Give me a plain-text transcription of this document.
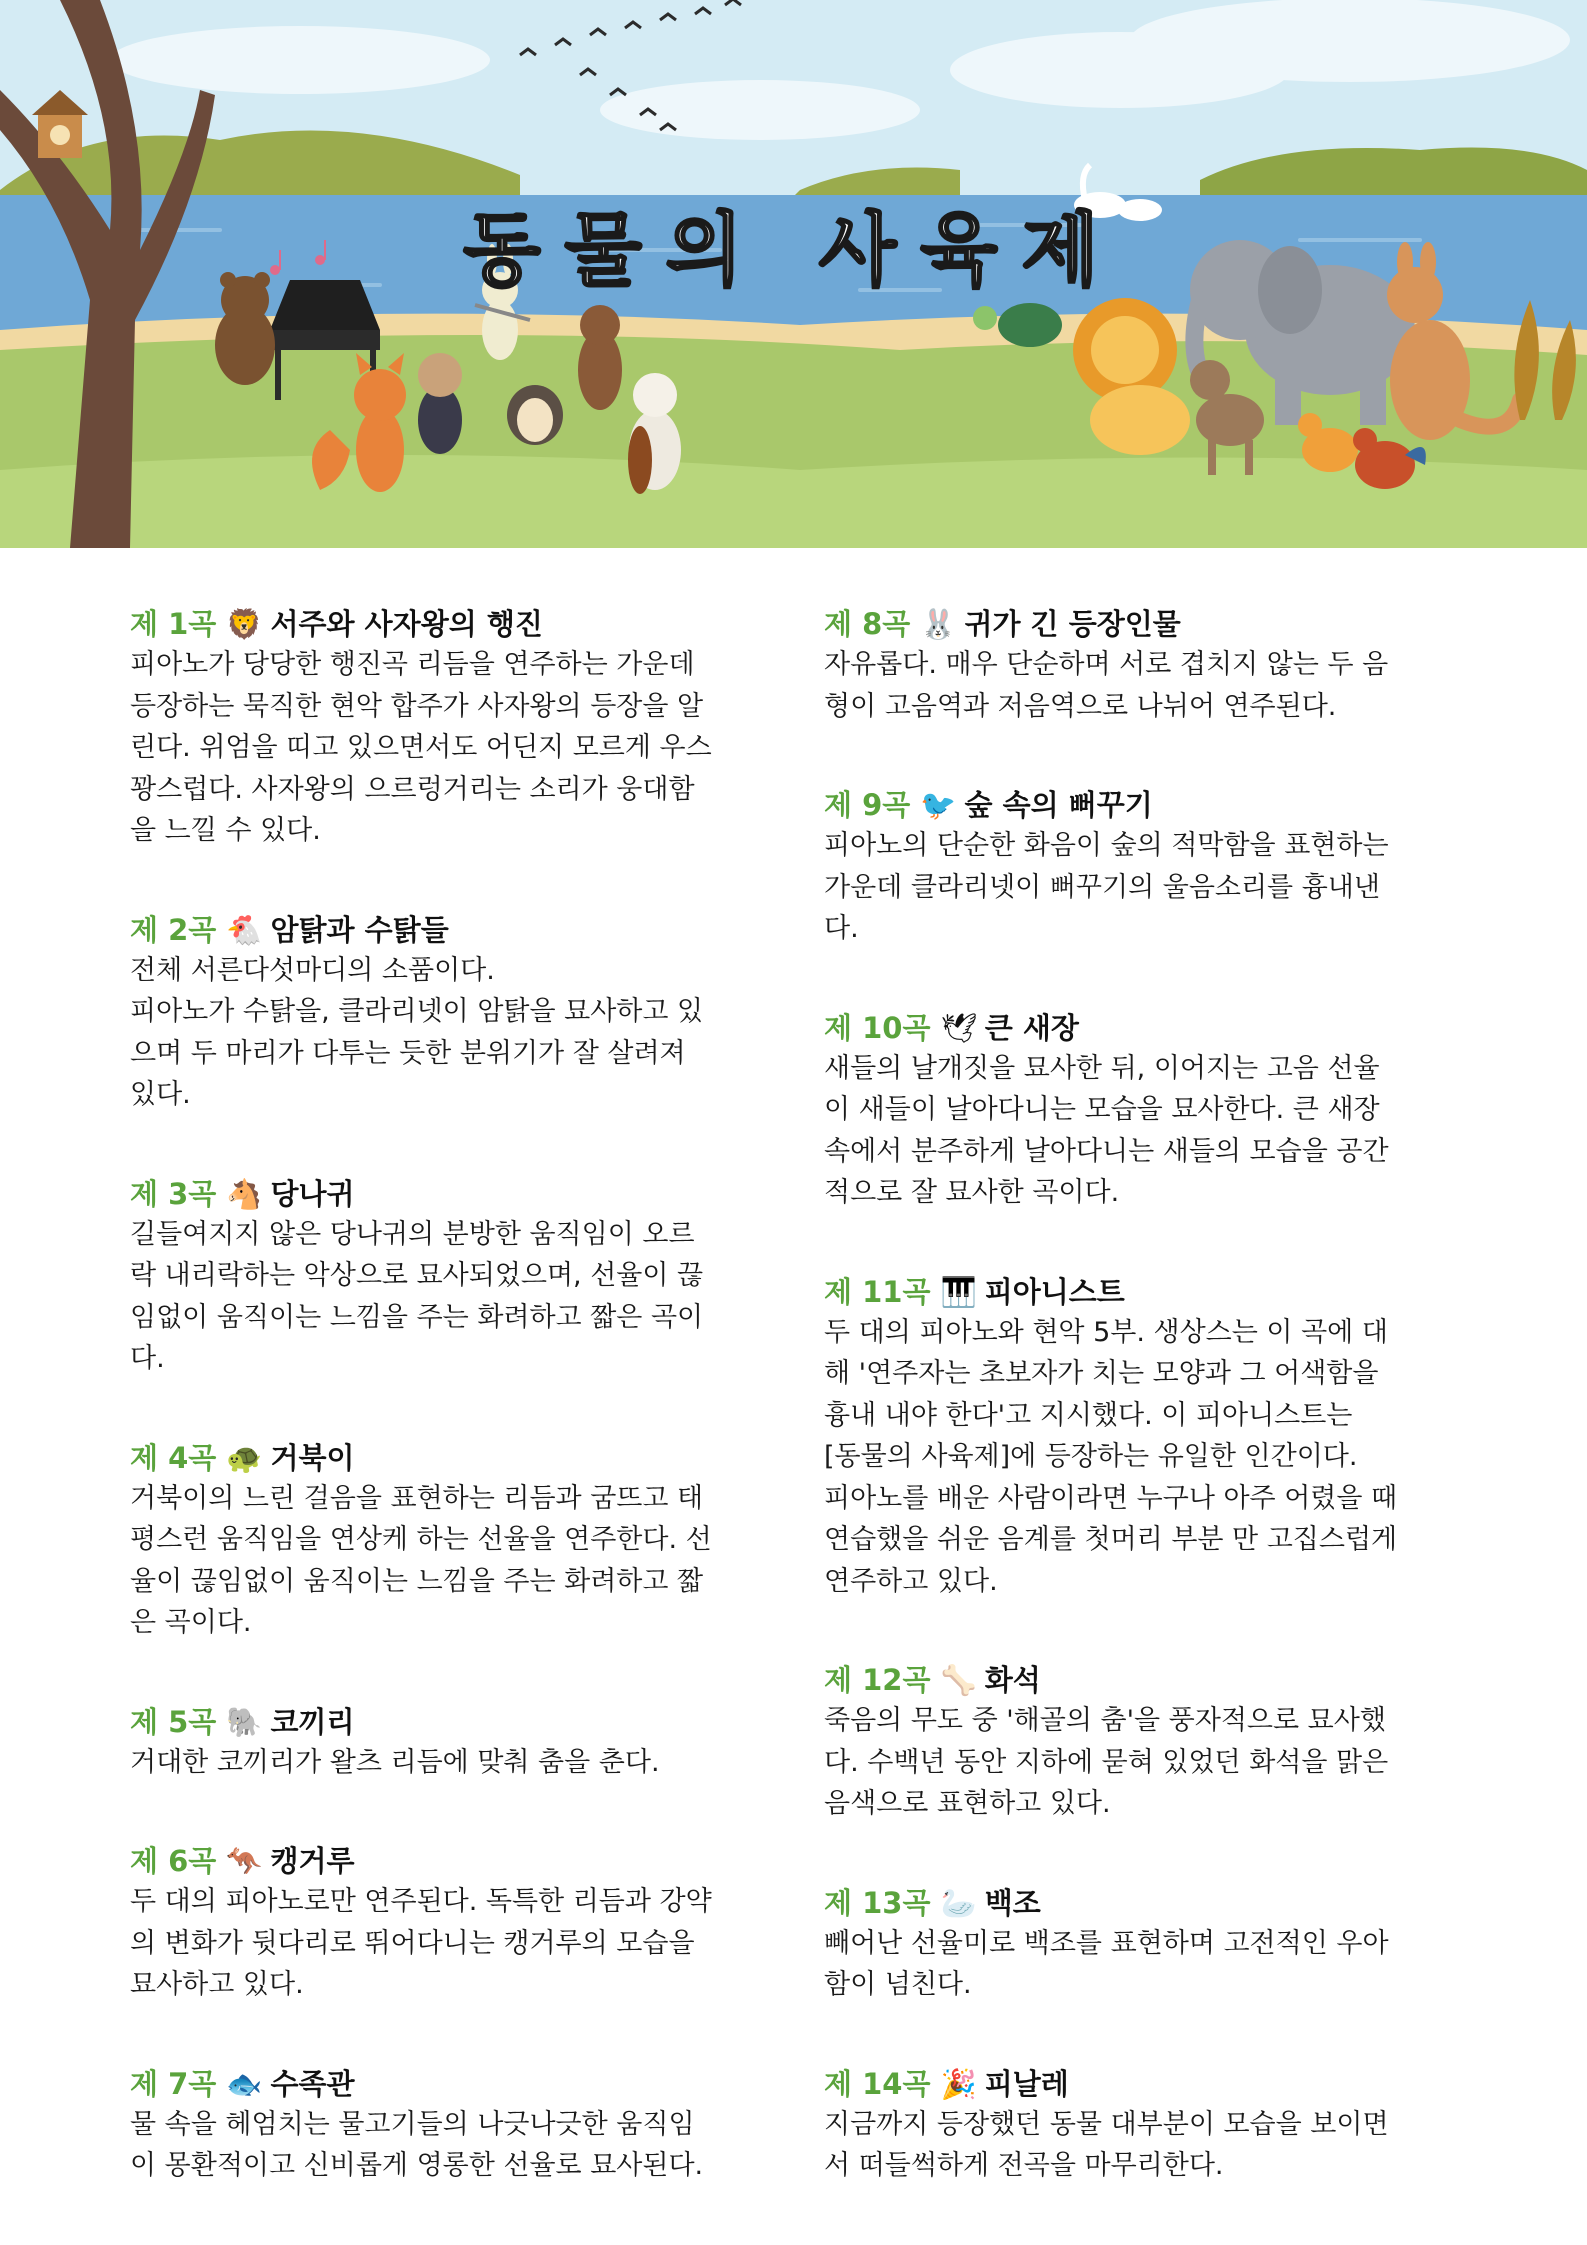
동물의 사육제
제 1곡 🦁 서주와 사자왕의 행진

피아노가 당당한 행진곡 리듬을 연주하는 가운데
등장하는 묵직한 현악 합주가 사자왕의 등장을 알
린다. 위엄을 띠고 있으면서도 어딘지 모르게 우스
꽝스럽다. 사자왕의 으르렁거리는 소리가 웅대함
을 느낄 수 있다.

제 2곡 🐔 암탉과 수탉들

전체 서른다섯마디의 소품이다.
피아노가 수탉을, 클라리넷이 암탉을 묘사하고 있
으며 두 마리가 다투는 듯한 분위기가 잘 살려져
있다.

제 3곡 🐴 당나귀

길들여지지 않은 당나귀의 분방한 움직임이 오르
락 내리락하는 악상으로 묘사되었으며, 선율이 끊
임없이 움직이는 느낌을 주는 화려하고 짧은 곡이
다.

제 4곡 🐢 거북이

거북이의 느린 걸음을 표현하는 리듬과 굼뜨고 태
평스런 움직임을 연상케 하는 선율을 연주한다. 선
율이 끊임없이 움직이는 느낌을 주는 화려하고 짧
은 곡이다.

제 5곡 🐘 코끼리

거대한 코끼리가 왈츠 리듬에 맞춰 춤을 춘다.

제 6곡 🦘 캥거루

두 대의 피아노로만 연주된다. 독특한 리듬과 강약
의 변화가 뒷다리로 뛰어다니는 캥거루의 모습을
묘사하고 있다.

제 7곡 🐟 수족관

물 속을 헤엄치는 물고기들의 나긋나긋한 움직임
이 몽환적이고 신비롭게 영롱한 선율로 묘사된다.

제 8곡 🐰 귀가 긴 등장인물

자유롭다. 매우 단순하며 서로 겹치지 않는 두 음
형이 고음역과 저음역으로 나뉘어 연주된다.

제 9곡 🐦 숲 속의 뻐꾸기

피아노의 단순한 화음이 숲의 적막함을 표현하는
가운데 클라리넷이 뻐꾸기의 울음소리를 흉내낸
다.

제 10곡 🕊 큰 새장

새들의 날개짓을 묘사한 뒤, 이어지는 고음 선율
이 새들이 날아다니는 모습을 묘사한다. 큰 새장
속에서 분주하게 날아다니는 새들의 모습을 공간
적으로 잘 묘사한 곡이다.

제 11곡 🎹 피아니스트

두 대의 피아노와 현악 5부. 생상스는 이 곡에 대
해 '연주자는 초보자가 치는 모양과 그 어색함을
흉내 내야 한다'고 지시했다. 이 피아니스트는
[동물의 사육제]에 등장하는 유일한 인간이다.
피아노를 배운 사람이라면 누구나 아주 어렸을 때
연습했을 쉬운 음계를 첫머리 부분 만 고집스럽게
연주하고 있다.

제 12곡 🦴 화석

죽음의 무도 중 '해골의 춤'을 풍자적으로 묘사했
다. 수백년 동안 지하에 묻혀 있었던 화석을 맑은
음색으로 표현하고 있다.

제 13곡 🦢 백조

빼어난 선율미로 백조를 표현하며 고전적인 우아
함이 넘친다.

제 14곡 🎉 피날레

지금까지 등장했던 동물 대부분이 모습을 보이면
서 떠들썩하게 전곡을 마무리한다.
